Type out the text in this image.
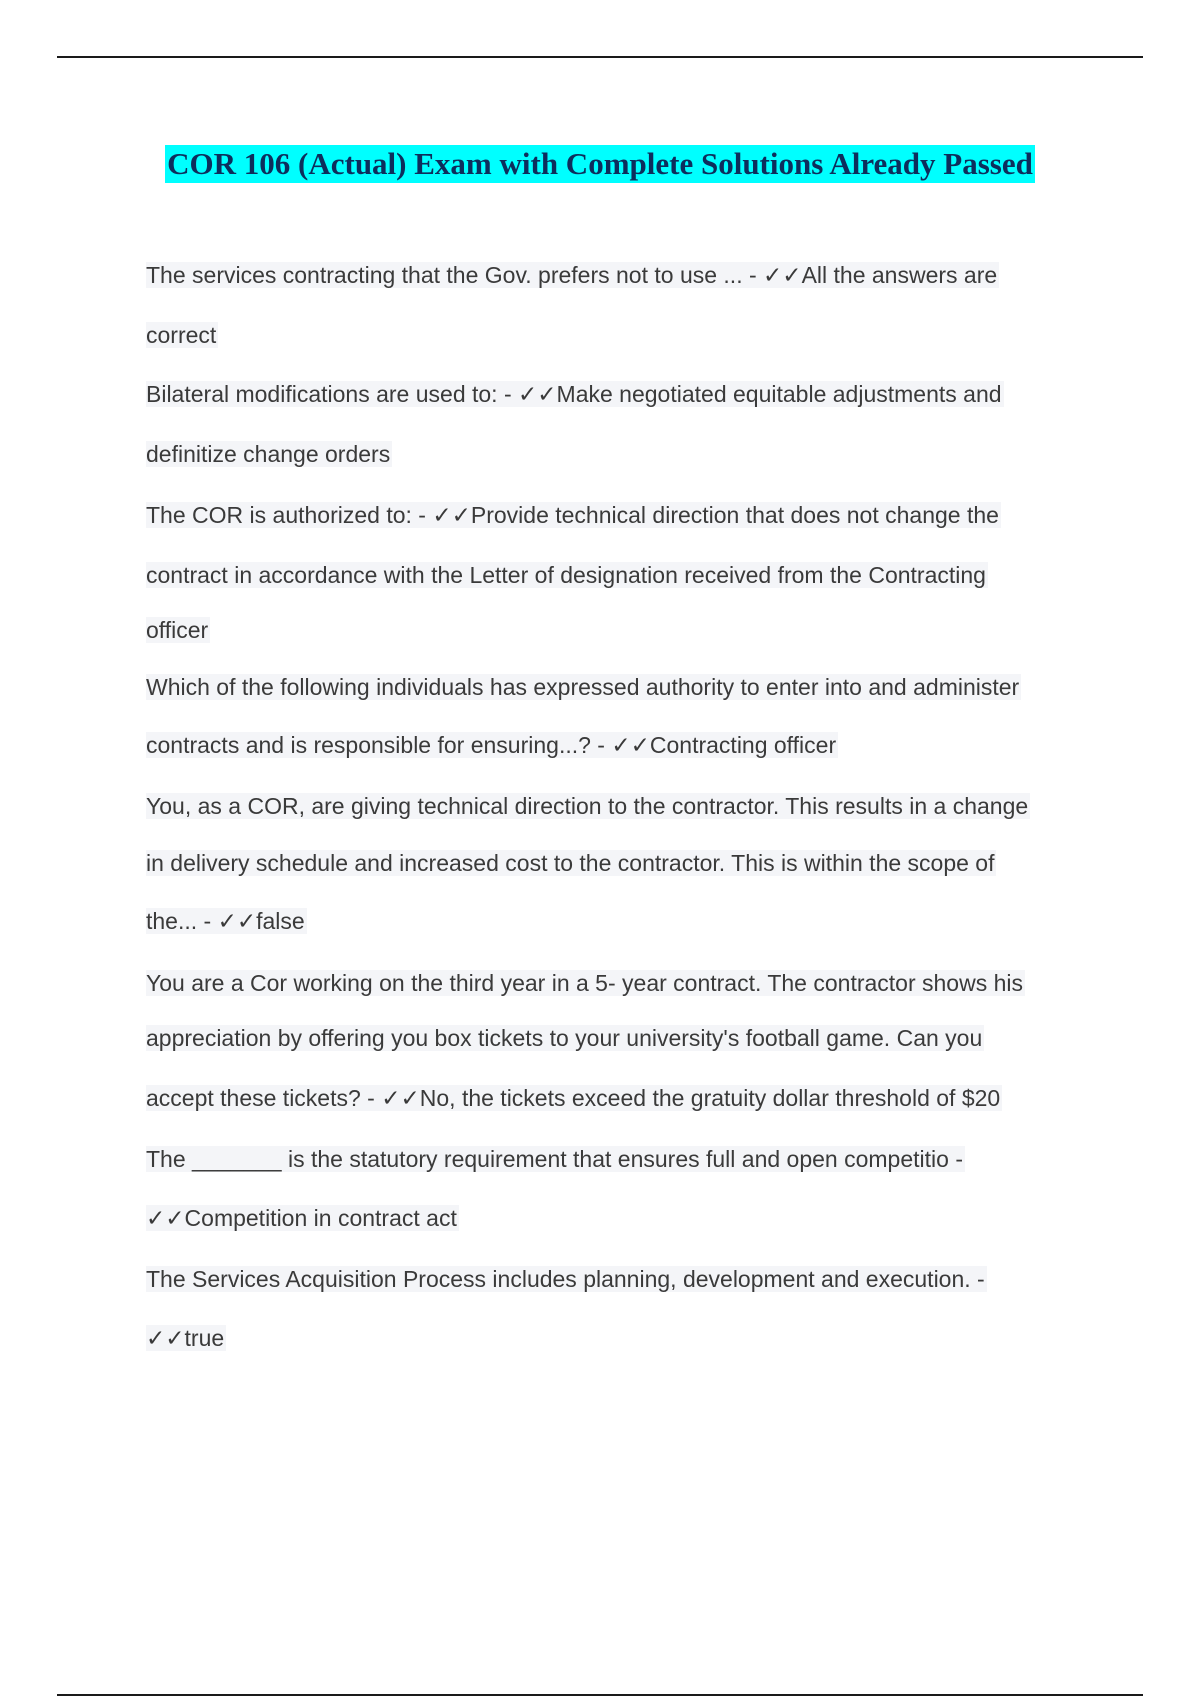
COR 106 (Actual) Exam with Complete Solutions Already Passed
The services contracting that the Gov. prefers not to use ... - ✓✓All the answers are
correct
Bilateral modifications are used to: - ✓✓Make negotiated equitable adjustments and
definitize change orders
The COR is authorized to: - ✓✓Provide technical direction that does not change the
contract in accordance with the Letter of designation received from the Contracting
officer
Which of the following individuals has expressed authority to enter into and administer
contracts and is responsible for ensuring...? - ✓✓Contracting officer
You, as a COR, are giving technical direction to the contractor. This results in a change
in delivery schedule and increased cost to the contractor. This is within the scope of
the... - ✓✓false
You are a Cor working on the third year in a 5- year contract. The contractor shows his
appreciation by offering you box tickets to your university's football game. Can you
accept these tickets? - ✓✓No, the tickets exceed the gratuity dollar threshold of $20
The _______ is the statutory requirement that ensures full and open competitio -
✓✓Competition in contract act
The Services Acquisition Process includes planning, development and execution. -
✓✓true
